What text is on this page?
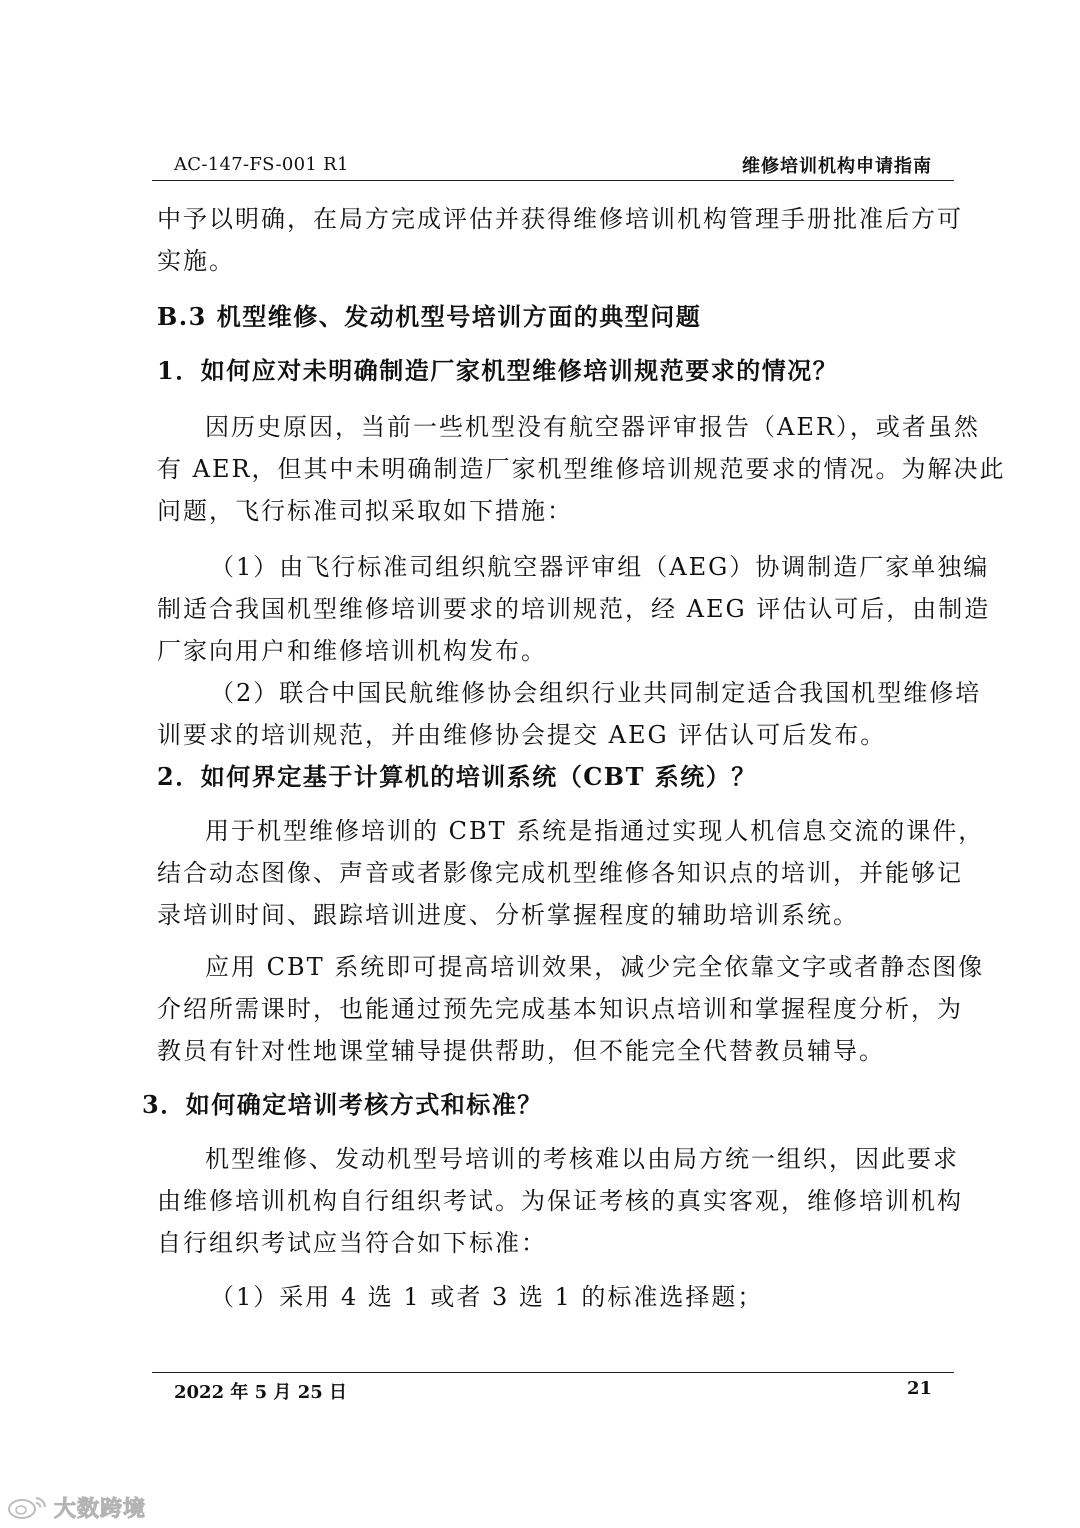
AC-147-FS-001 R1	维修培训机构申请指南
中予以明确，在局方完成评估并获得维修培训机构管理手册批准后方可
实施。
B.3 机型维修、发动机型号培训方面的典型问题
1．如何应对未明确制造厂家机型维修培训规范要求的情况？
因历史原因，当前一些机型没有航空器评审报告（AER），或者虽然
有 AER，但其中未明确制造厂家机型维修培训规范要求的情况。为解决此
问题，飞行标准司拟采取如下措施：
（1）由飞行标准司组织航空器评审组（AEG）协调制造厂家单独编
制适合我国机型维修培训要求的培训规范，经 AEG 评估认可后，由制造
厂家向用户和维修培训机构发布。
（2）联合中国民航维修协会组织行业共同制定适合我国机型维修培
训要求的培训规范，并由维修协会提交 AEG 评估认可后发布。
2．如何界定基于计算机的培训系统（CBT 系统）？
用于机型维修培训的 CBT 系统是指通过实现人机信息交流的课件，
结合动态图像、声音或者影像完成机型维修各知识点的培训，并能够记
录培训时间、跟踪培训进度、分析掌握程度的辅助培训系统。
应用 CBT 系统即可提高培训效果，减少完全依靠文字或者静态图像
介绍所需课时，也能通过预先完成基本知识点培训和掌握程度分析，为
教员有针对性地课堂辅导提供帮助，但不能完全代替教员辅导。
3．如何确定培训考核方式和标准？
机型维修、发动机型号培训的考核难以由局方统一组织，因此要求
由维修培训机构自行组织考试。为保证考核的真实客观，维修培训机构
自行组织考试应当符合如下标准：
（1）采用 4 选 1 或者 3 选 1 的标准选择题；
2022 年 5 月 25 日	21
大数跨境
